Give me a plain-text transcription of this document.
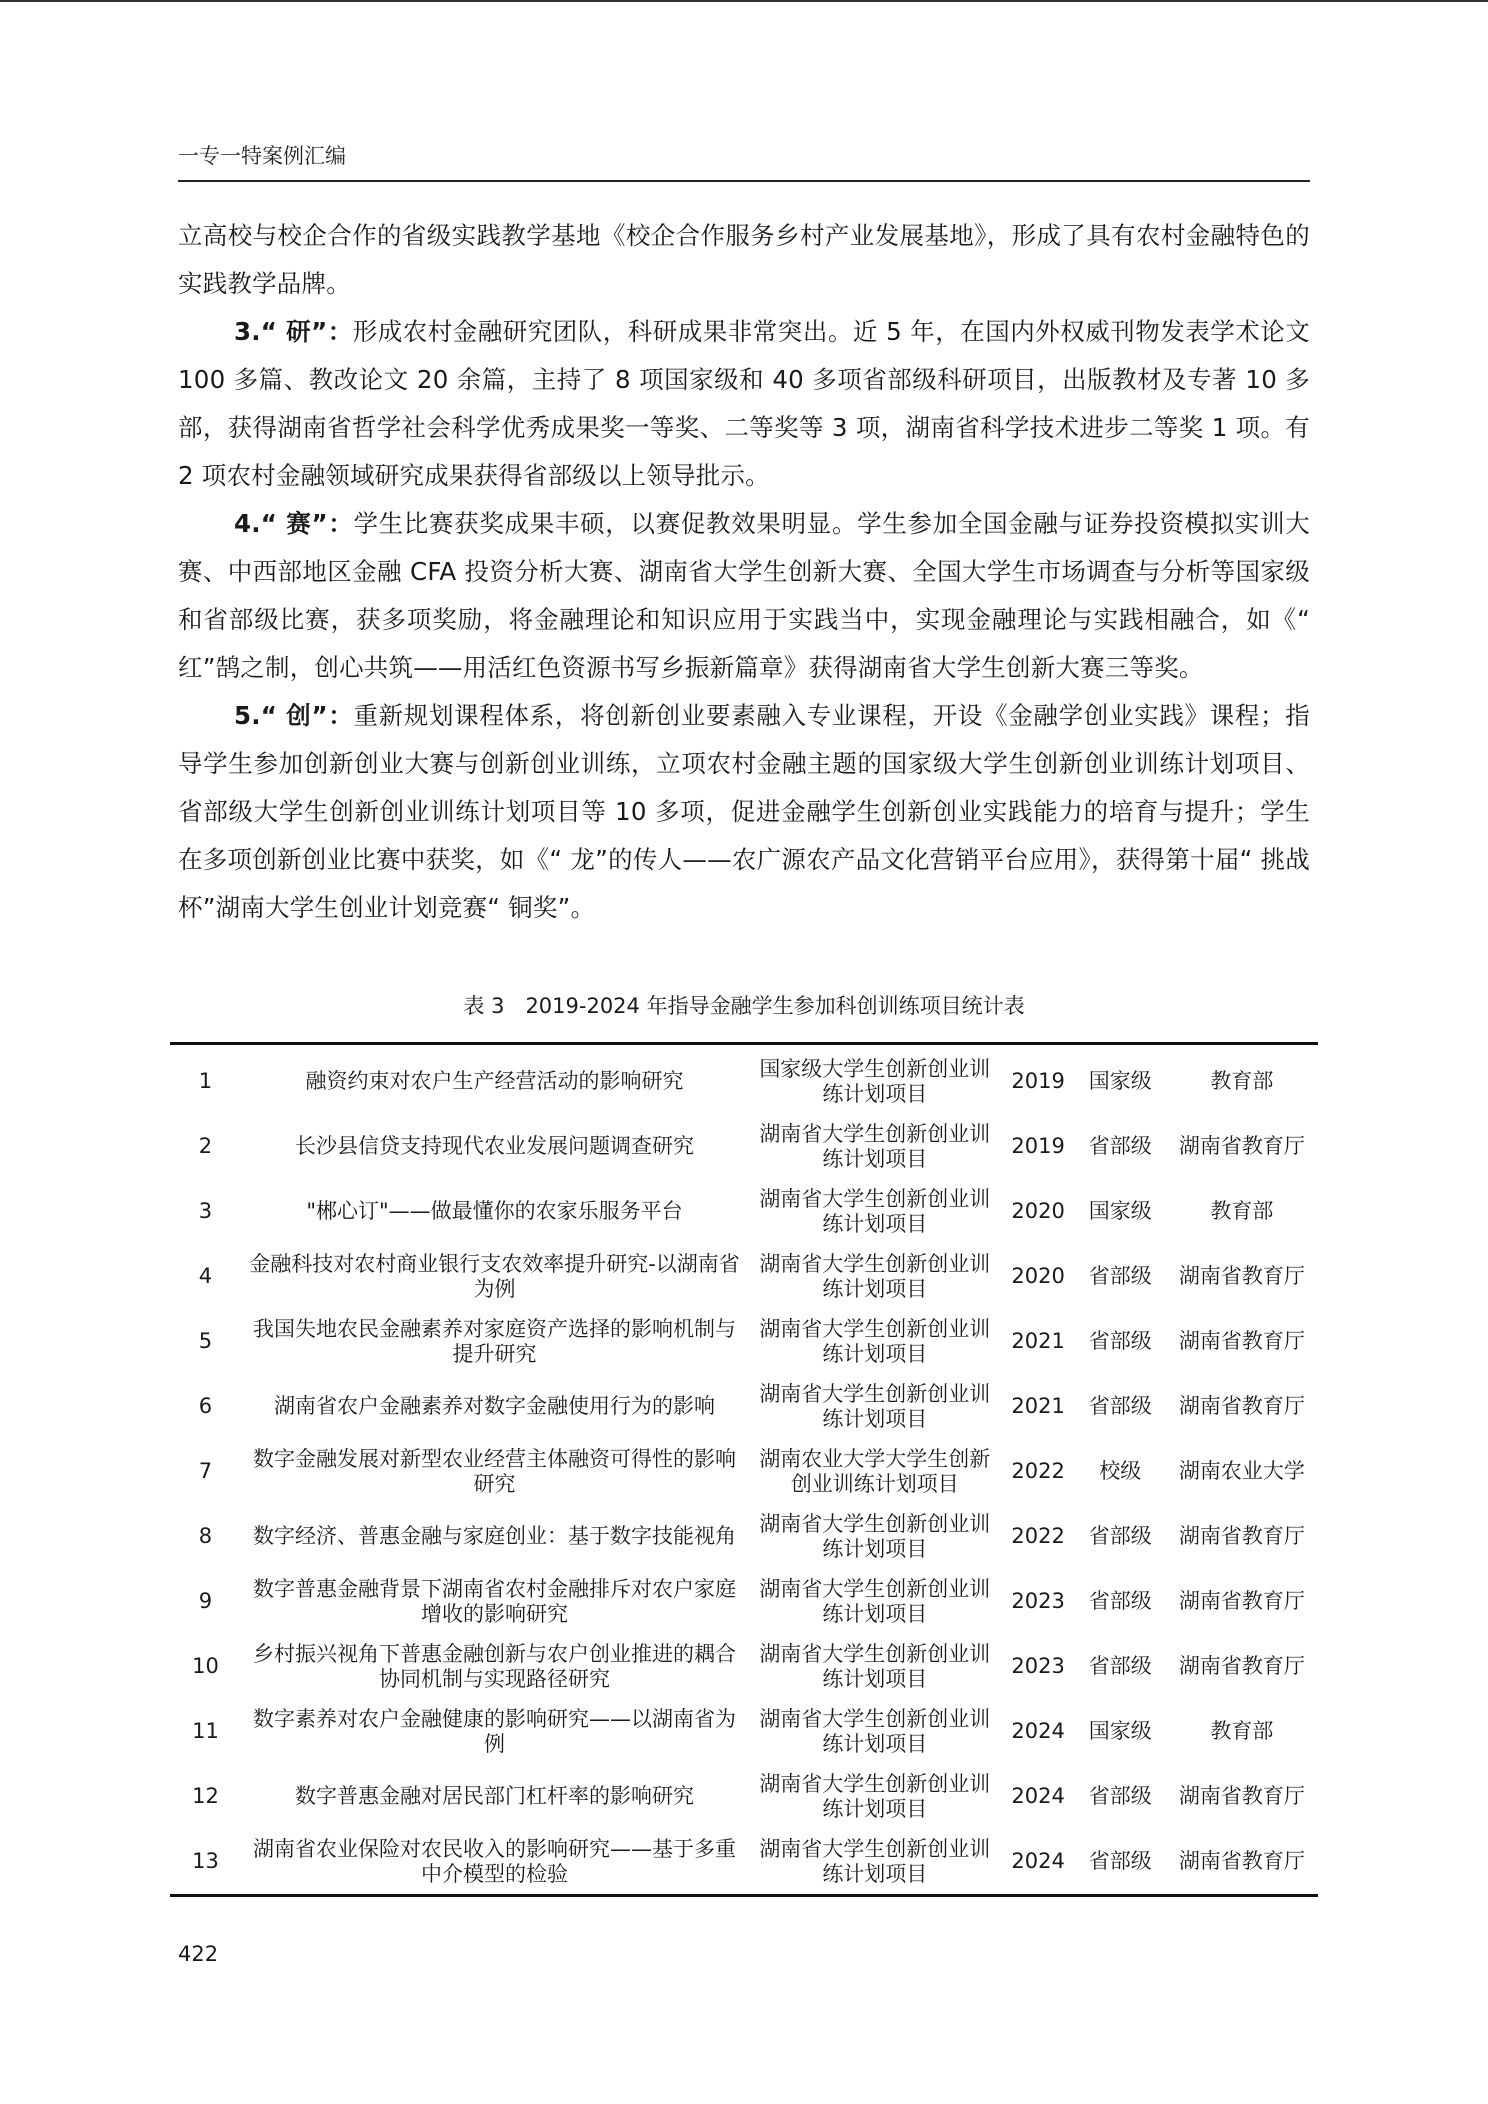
一专一特案例汇编

立高校与校企合作的省级实践教学基地《校企合作服务乡村产业发展基地》，形成了具有农村金融特色的实践教学品牌。

3.“ 研”：形成农村金融研究团队，科研成果非常突出。近 5 年，在国内外权威刊物发表学术论文 100 多篇、教改论文 20 余篇，主持了 8 项国家级和 40 多项省部级科研项目，出版教材及专著 10 多部，获得湖南省哲学社会科学优秀成果奖一等奖、二等奖等 3 项，湖南省科学技术进步二等奖 1 项。有 2 项农村金融领域研究成果获得省部级以上领导批示。

4.“ 赛”：学生比赛获奖成果丰硕，以赛促教效果明显。学生参加全国金融与证券投资模拟实训大赛、中西部地区金融 CFA 投资分析大赛、湖南省大学生创新大赛、全国大学生市场调查与分析等国家级和省部级比赛，获多项奖励，将金融理论和知识应用于实践当中，实现金融理论与实践相融合，如《“ 红”鹄之制，创心共筑——用活红色资源书写乡振新篇章》获得湖南省大学生创新大赛三等奖。

5.“ 创”：重新规划课程体系，将创新创业要素融入专业课程，开设《金融学创业实践》课程；指导学生参加创新创业大赛与创新创业训练，立项农村金融主题的国家级大学生创新创业训练计划项目、省部级大学生创新创业训练计划项目等 10 多项，促进金融学生创新创业实践能力的培育与提升；学生在多项创新创业比赛中获奖，如《“ 龙”的传人——农广源农产品文化营销平台应用》，获得第十届“ 挑战杯”湖南大学生创业计划竞赛“ 铜奖”。

表 3　2019-2024 年指导金融学生参加科创训练项目统计表
1	融资约束对农户生产经营活动的影响研究	国家级大学生创新创业训练计划项目	2019	国家级	教育部
2	长沙县信贷支持现代农业发展问题调查研究	湖南省大学生创新创业训练计划项目	2019	省部级	湖南省教育厅
3	"郴心订"——做最懂你的农家乐服务平台	湖南省大学生创新创业训练计划项目	2020	国家级	教育部
4	金融科技对农村商业银行支农效率提升研究-以湖南省为例	湖南省大学生创新创业训练计划项目	2020	省部级	湖南省教育厅
5	我国失地农民金融素养对家庭资产选择的影响机制与提升研究	湖南省大学生创新创业训练计划项目	2021	省部级	湖南省教育厅
6	湖南省农户金融素养对数字金融使用行为的影响	湖南省大学生创新创业训练计划项目	2021	省部级	湖南省教育厅
7	数字金融发展对新型农业经营主体融资可得性的影响研究	湖南农业大学大学生创新创业训练计划项目	2022	校级	湖南农业大学
8	数字经济、普惠金融与家庭创业：基于数字技能视角	湖南省大学生创新创业训练计划项目	2022	省部级	湖南省教育厅
9	数字普惠金融背景下湖南省农村金融排斥对农户家庭增收的影响研究	湖南省大学生创新创业训练计划项目	2023	省部级	湖南省教育厅
10	乡村振兴视角下普惠金融创新与农户创业推进的耦合协同机制与实现路径研究	湖南省大学生创新创业训练计划项目	2023	省部级	湖南省教育厅
11	数字素养对农户金融健康的影响研究——以湖南省为例	湖南省大学生创新创业训练计划项目	2024	国家级	教育部
12	数字普惠金融对居民部门杠杆率的影响研究	湖南省大学生创新创业训练计划项目	2024	省部级	湖南省教育厅
13	湖南省农业保险对农民收入的影响研究——基于多重中介模型的检验	湖南省大学生创新创业训练计划项目	2024	省部级	湖南省教育厅
422
